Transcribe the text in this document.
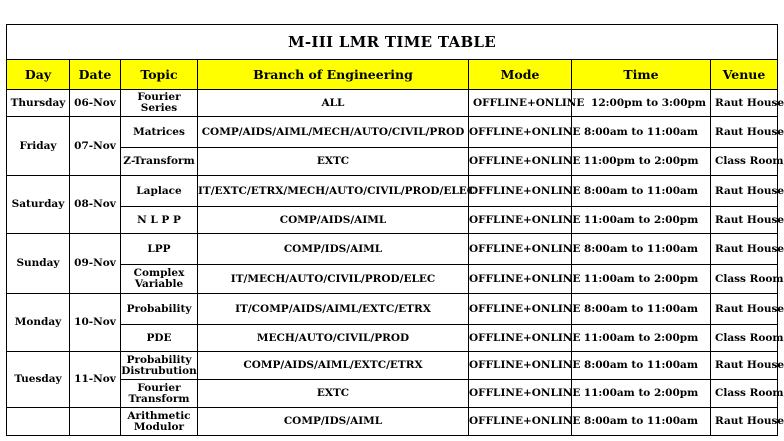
M-III LMR TIME TABLE						
Day	Date	Topic	Branch of Engineering	Mode	Time	Venue
Thursday	06-Nov	Fourier Series	ALL	OFFLINE+ONLINE	12:00pm to 3:00pm	Raut House
Friday	07-Nov	Matrices	COMP/AIDS/AIML/MECH/AUTO/CIVIL/PROD	OFFLINE+ONLINE	8:00am to 11:00am	Raut House
		Z-Transform	EXTC	OFFLINE+ONLINE	11:00pm to 2:00pm	Class Room
Saturday	08-Nov	Laplace	IT/EXTC/ETRX/MECH/AUTO/CIVIL/PROD/ELEC	OFFLINE+ONLINE	8:00am to 11:00am	Raut House
		N L P P	COMP/AIDS/AIML	OFFLINE+ONLINE	11:00am to 2:00pm	Raut House
Sunday	09-Nov	LPP	COMP/IDS/AIML	OFFLINE+ONLINE	8:00am to 11:00am	Raut House
		Complex Variable	IT/MECH/AUTO/CIVIL/PROD/ELEC	OFFLINE+ONLINE	11:00am to 2:00pm	Class Room
Monday	10-Nov	Probability	IT/COMP/AIDS/AIML/EXTC/ETRX	OFFLINE+ONLINE	8:00am to 11:00am	Raut House
		PDE	MECH/AUTO/CIVIL/PROD	OFFLINE+ONLINE	11:00am to 2:00pm	Class Room
Tuesday	11-Nov	Probability Distrubution	COMP/AIDS/AIML/EXTC/ETRX	OFFLINE+ONLINE	8:00am to 11:00am	Raut House
		Fourier Transform	EXTC	OFFLINE+ONLINE	11:00am to 2:00pm	Class Room
		Arithmetic Modulor	COMP/IDS/AIML	OFFLINE+ONLINE	8:00am to 11:00am	Raut House
